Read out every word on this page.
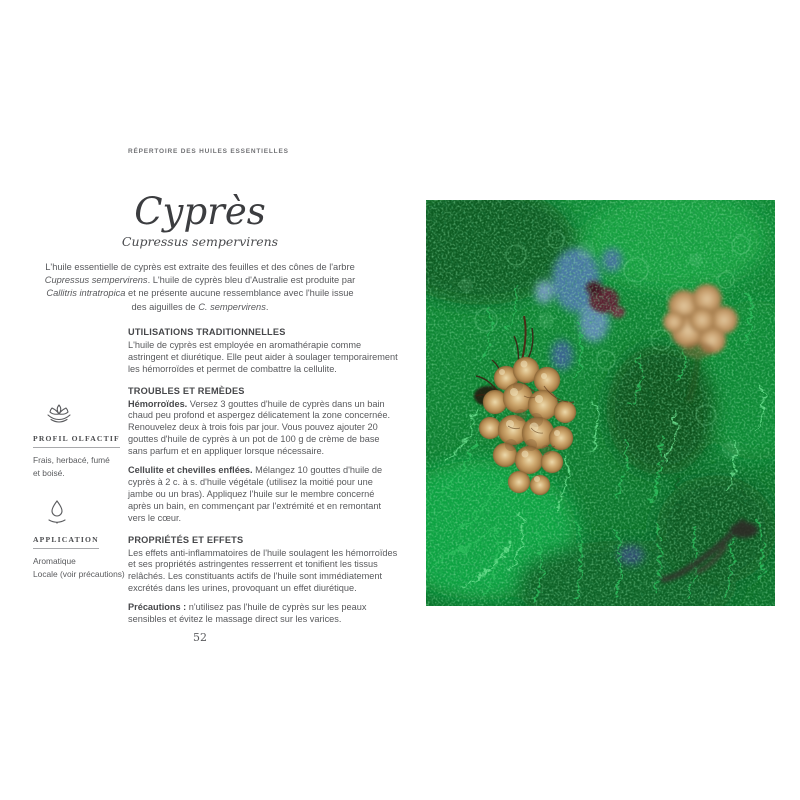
RÉPERTOIRE DES HUILES ESSENTIELLES
Cyprès
Cupressus sempervirens
L'huile essentielle de cyprès est extraite des feuilles et des cônes de l'arbre Cupressus sempervirens. L'huile de cyprès bleu d'Australie est produite par Callitris intratropica et ne présente aucune ressemblance avec l'huile issue des aiguilles de C. sempervirens.
UTILISATIONS TRADITIONNELLES

L'huile de cyprès est employée en aromathérapie comme astringent et diurétique. Elle peut aider à soulager temporairement les hémorroïdes et permet de combattre la cellulite.

TROUBLES ET REMÈDES

Hémorroïdes. Versez 3 gouttes d'huile de cyprès dans un bain chaud peu profond et aspergez délicatement la zone concernée. Renouvelez deux à trois fois par jour. Vous pouvez ajouter 20 gouttes d'huile de cyprès à un pot de 100 g de crème de base sans parfum et en appliquer lorsque nécessaire.

Cellulite et chevilles enflées. Mélangez 10 gouttes d'huile de cyprès à 2 c. à s. d'huile végétale (utilisez la moitié pour une jambe ou un bras). Appliquez l'huile sur le membre concerné après un bain, en commençant par l'extrémité et en remontant vers le cœur.

PROPRIÉTÉS ET EFFETS

Les effets anti-inflammatoires de l'huile soulagent les hémorroïdes et ses propriétés astringentes resserrent et tonifient les tissus relâchés. Les constituants actifs de l'huile sont immédiatement excrétés dans les urines, provoquant un effet diurétique.

Précautions : n'utilisez pas l'huile de cyprès sur les peaux sensibles et évitez le massage direct sur les varices.

52
PROFIL OLFACTIF
Frais, herbacé, fumé
et boisé.
APPLICATION
Aromatique
Locale (voir précautions)
